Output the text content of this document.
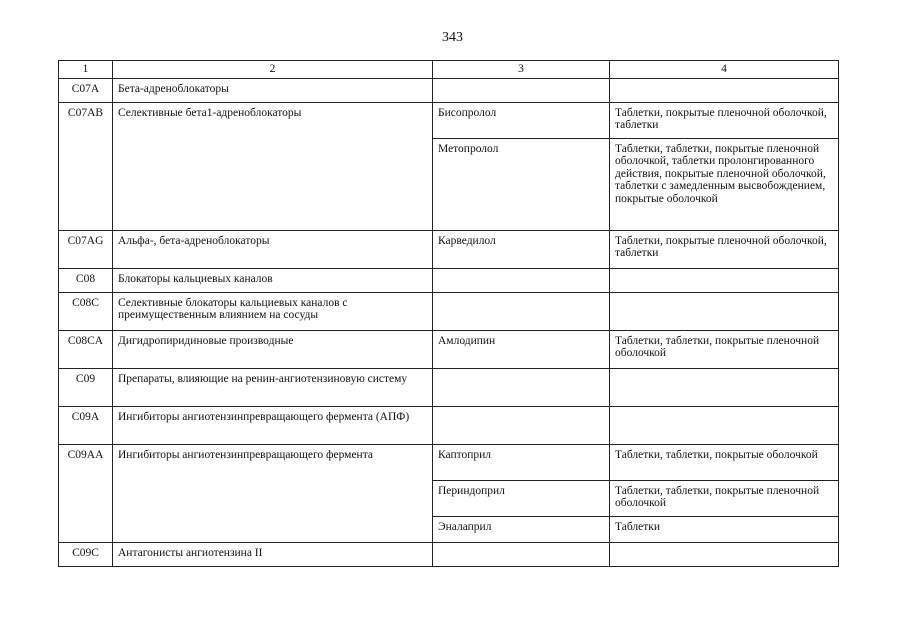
343
1	2	3	4
C07A	Бета-адреноблокаторы		
C07AB	Селективные бета1-адреноблокаторы	Бисопролол	Таблетки, покрытые пленочной оболочкой, таблетки
		Метопролол	Таблетки, таблетки, покрытые пленочной оболочкой, таблетки пролонгированного действия, покрытые пленочной оболочкой, таблетки с замедленным высвобождением, покрытые оболочкой
C07AG	Альфа-, бета-адреноблокаторы	Карведилол	Таблетки, покрытые пленочной оболочкой, таблетки
C08	Блокаторы кальциевых каналов		
C08C	Селективные блокаторы кальциевых каналов с преимущественным влиянием на сосуды		
C08CA	Дигидропиридиновые производные	Амлодипин	Таблетки, таблетки, покрытые пленочной оболочкой
C09	Препараты, влияющие на ренин-ангиотензиновую систему		
C09A	Ингибиторы ангиотензинпревращающего фермента (АПФ)		
C09AA	Ингибиторы ангиотензинпревращающего фермента	Каптоприл	Таблетки, таблетки, покрытые оболочкой
		Периндоприл	Таблетки, таблетки, покрытые пленочной оболочкой
		Эналаприл	Таблетки
C09C	Антагонисты ангиотензина II		
